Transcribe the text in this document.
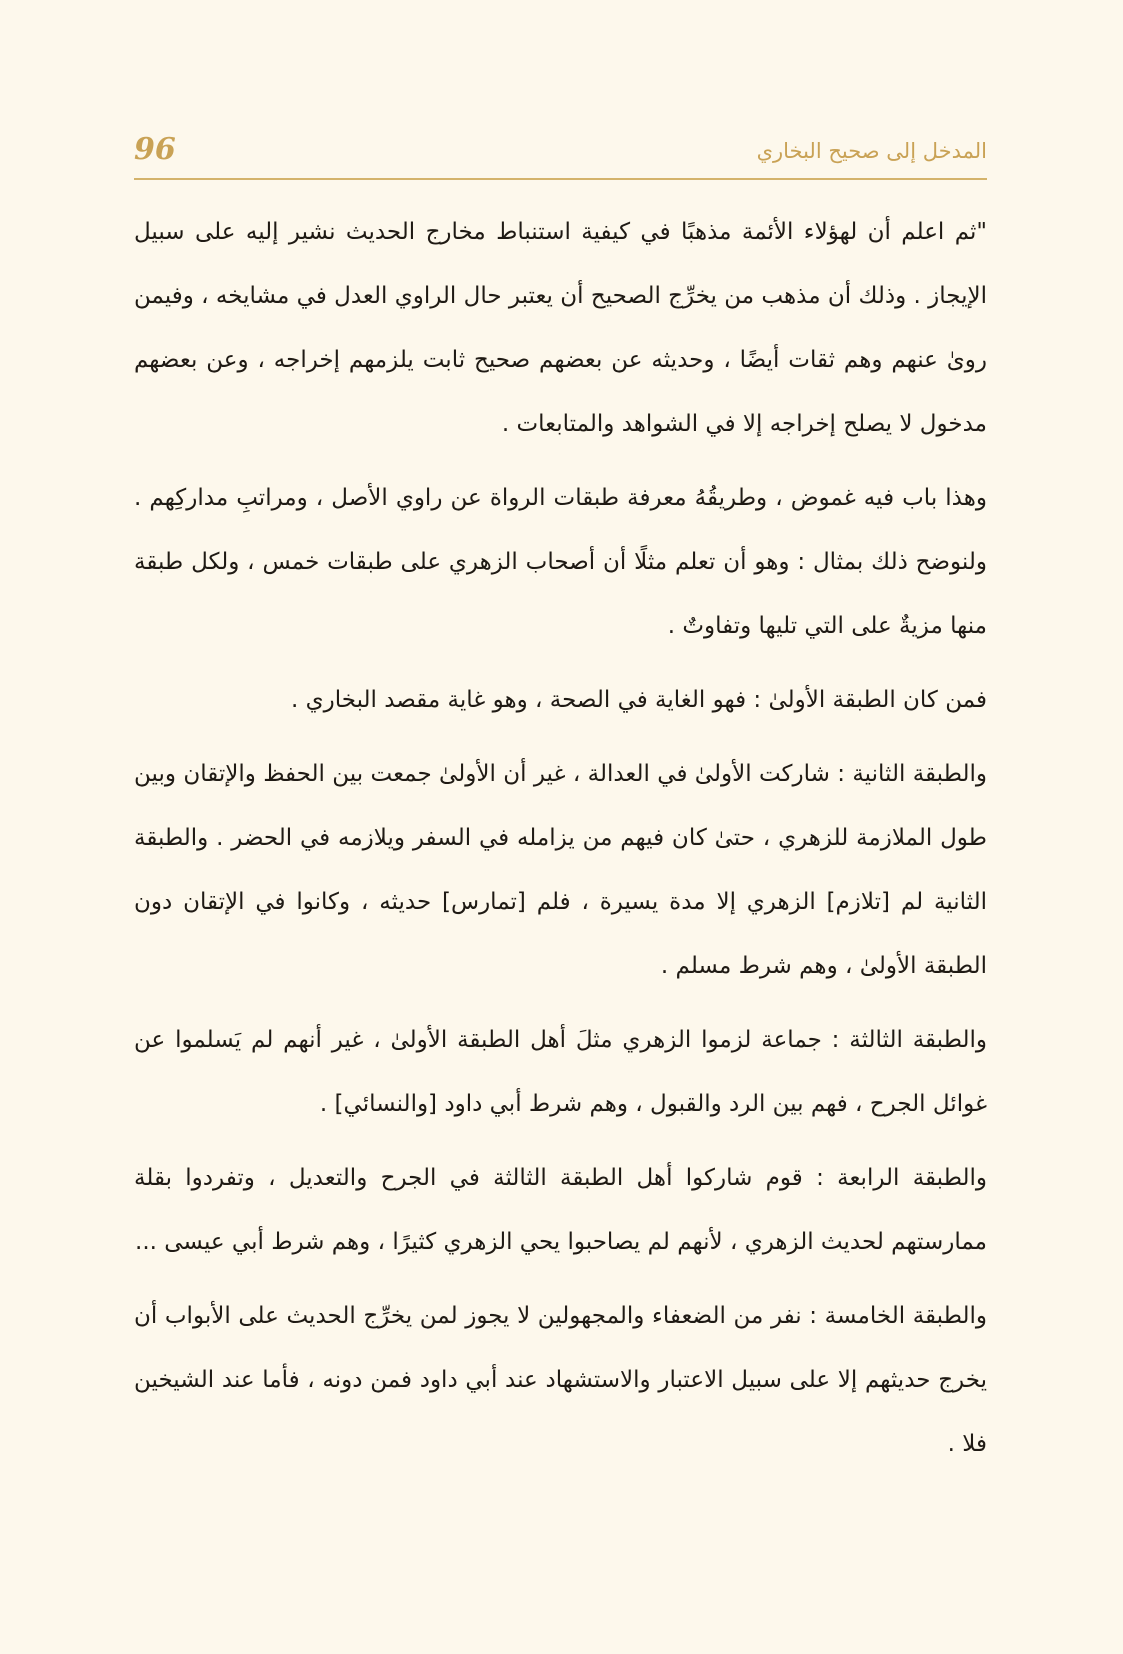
96	المدخل إلى صحيح البخاري

"ثم اعلم أن لهؤلاء الأئمة مذهبًا في كيفية استنباط مخارج الحديث نشير إليه على سبيل الإيجاز . وذلك أن مذهب من يخرِّج الصحيح أن يعتبر حال الراوي العدل في مشايخه ، وفيمن روىٰ عنهم وهم ثقات أيضًا ، وحديثه عن بعضهم صحيح ثابت يلزمهم إخراجه ، وعن بعضهم مدخول لا يصلح إخراجه إلا في الشواهد والمتابعات .

وهذا باب فيه غموض ، وطريقُهُ معرفة طبقات الرواة عن راوي الأصل ، ومراتبِ مداركِهم . ولنوضح ذلك بمثال : وهو أن تعلم مثلًا أن أصحاب الزهري على طبقات خمس ، ولكل طبقة منها مزيةٌ على التي تليها وتفاوتٌ .

فمن كان الطبقة الأولىٰ : فهو الغاية في الصحة ، وهو غاية مقصد البخاري .

والطبقة الثانية : شاركت الأولىٰ في العدالة ، غير أن الأولىٰ جمعت بين الحفظ والإتقان وبين طول الملازمة للزهري ، حتىٰ كان فيهم من يزامله في السفر ويلازمه في الحضر . والطبقة الثانية لم [تلازم] الزهري إلا مدة يسيرة ، فلم [تمارس] حديثه ، وكانوا في الإتقان دون الطبقة الأولىٰ ، وهم شرط مسلم .

والطبقة الثالثة : جماعة لزموا الزهري مثلَ أهل الطبقة الأولىٰ ، غير أنهم لم يَسلموا عن غوائل الجرح ، فهم بين الرد والقبول ، وهم شرط أبي داود [والنسائي] .

والطبقة الرابعة : قوم شاركوا أهل الطبقة الثالثة في الجرح والتعديل ، وتفردوا بقلة ممارستهم لحديث الزهري ، لأنهم لم يصاحبوا يحي الزهري كثيرًا ، وهم شرط أبي عيسى ...

والطبقة الخامسة : نفر من الضعفاء والمجهولين لا يجوز لمن يخرِّج الحديث على الأبواب أن يخرج حديثهم إلا على سبيل الاعتبار والاستشهاد عند أبي داود فمن دونه ، فأما عند الشيخين فلا .
